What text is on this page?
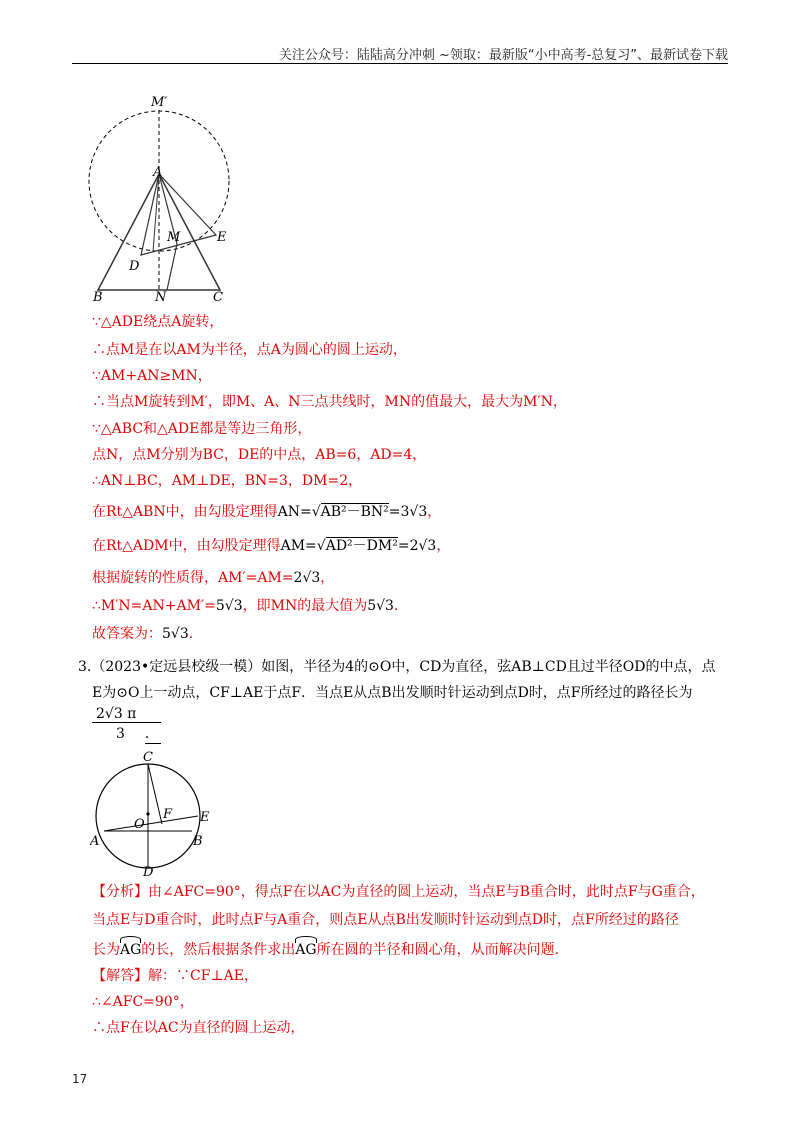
关注公众号：陆陆高分冲刺 ~领取：最新版“小中高考-总复习”、最新试卷下载
M′
A
M	E
D
B	N	C
∵△ADE绕点A旋转，
∴点M是在以AM为半径，点A为圆心的圆上运动，
∵AM+AN≥MN，
∴当点M旋转到M′，即M、A、N三点共线时，MN的值最大，最大为M′N，
∵△ABC和△ADE都是等边三角形，
点N，点M分别为BC，DE的中点，AB=6，AD=4，
∴AN⊥BC，AM⊥DE，BN=3，DM=2，
在Rt△ABN中，由勾股定理得AN=√AB²－BN²=3√3，
在Rt△ADM中，由勾股定理得AM=√AD²－DM²=2√3，
根据旋转的性质得，AM′=AM=2√3，
∴M′N=AN+AM′=5√3，即MN的最大值为5√3．
故答案为：5√3．
3.（2023•定远县校级一模）如图，半径为4的⊙O中，CD为直径，弦AB⊥CD且过半径OD的中点，点
E为⊙O上一动点，CF⊥AE于点F．当点E从点B出发顺时针运动到点D时，点F所经过的路径长为
$\frac{2√3 \pi}{3 .}$
C
O
F E
A	B
D
【分析】由∠AFC=90°，得点F在以AC为直径的圆上运动，当点E与B重合时，此时点F与G重合，
当点E与D重合时，此时点F与A重合，则点E从点B出发顺时针运动到点D时，点F所经过的路径
长为AG的长，然后根据条件求出AG所在圆的半径和圆心角，从而解决问题．
【解答】解：∵CF⊥AE，
∴∠AFC=90°，
∴点F在以AC为直径的圆上运动，
17
